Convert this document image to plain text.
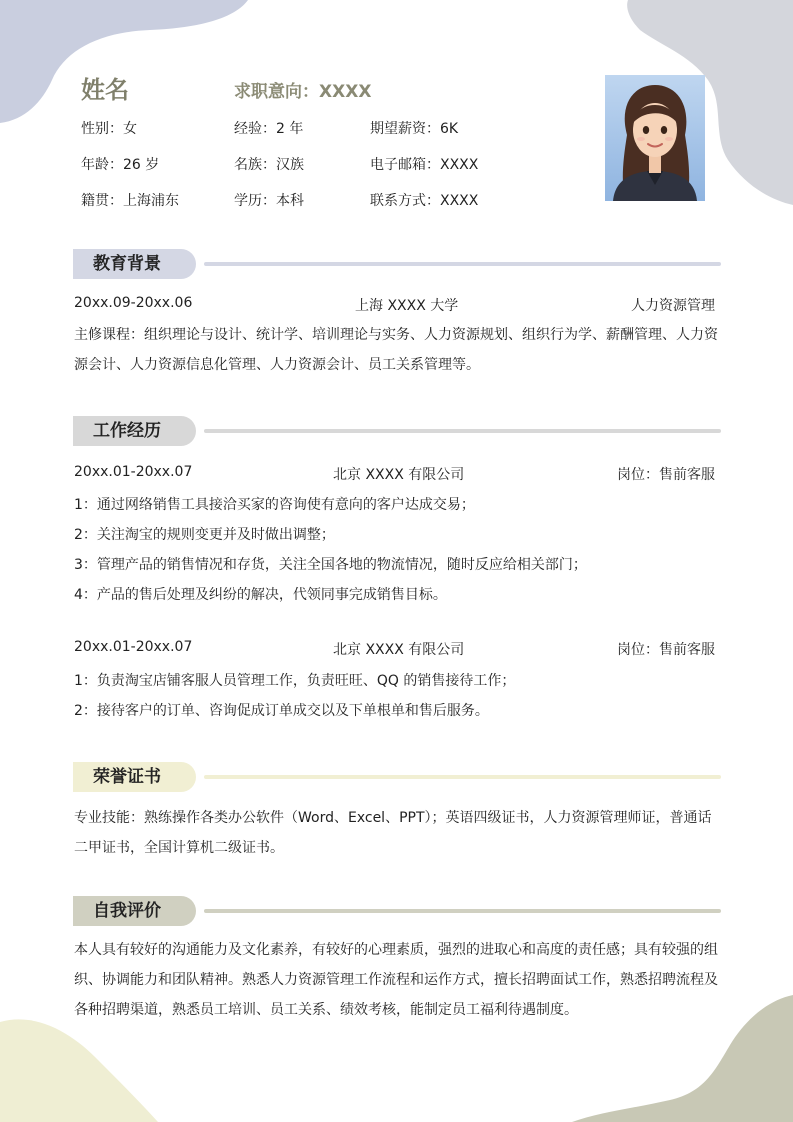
姓名	求职意向：XXXX
性别：女	经验：2 年	期望薪资：6K
年龄：26 岁	名族：汉族	电子邮箱：XXXX
籍贯：上海浦东	学历：本科	联系方式：XXXX
教育背景
20xx.09-20xx.06	上海 XXXX 大学	人力资源管理
主修课程：组织理论与设计、统计学、培训理论与实务、人力资源规划、组织行为学、薪酬管理、人力资源会计、人力资源信息化管理、人力资源会计、员工关系管理等。
工作经历
20xx.01-20xx.07	北京 XXXX 有限公司	岗位：售前客服
1：通过网络销售工具接洽买家的咨询使有意向的客户达成交易；
2：关注淘宝的规则变更并及时做出调整；
3：管理产品的销售情况和存货，关注全国各地的物流情况，随时反应给相关部门；
4：产品的售后处理及纠纷的解决，代领同事完成销售目标。
20xx.01-20xx.07	北京 XXXX 有限公司	岗位：售前客服
1：负责淘宝店铺客服人员管理工作，负责旺旺、QQ 的销售接待工作；
2：接待客户的订单、咨询促成订单成交以及下单根单和售后服务。
荣誉证书
专业技能：熟练操作各类办公软件（Word、Excel、PPT）；英语四级证书，人力资源管理师证，普通话二甲证书，全国计算机二级证书。
自我评价
本人具有较好的沟通能力及文化素养，有较好的心理素质，强烈的进取心和高度的责任感；具有较强的组织、协调能力和团队精神。熟悉人力资源管理工作流程和运作方式，擅长招聘面试工作，熟悉招聘流程及各种招聘渠道，熟悉员工培训、员工关系、绩效考核，能制定员工福利待遇制度。
